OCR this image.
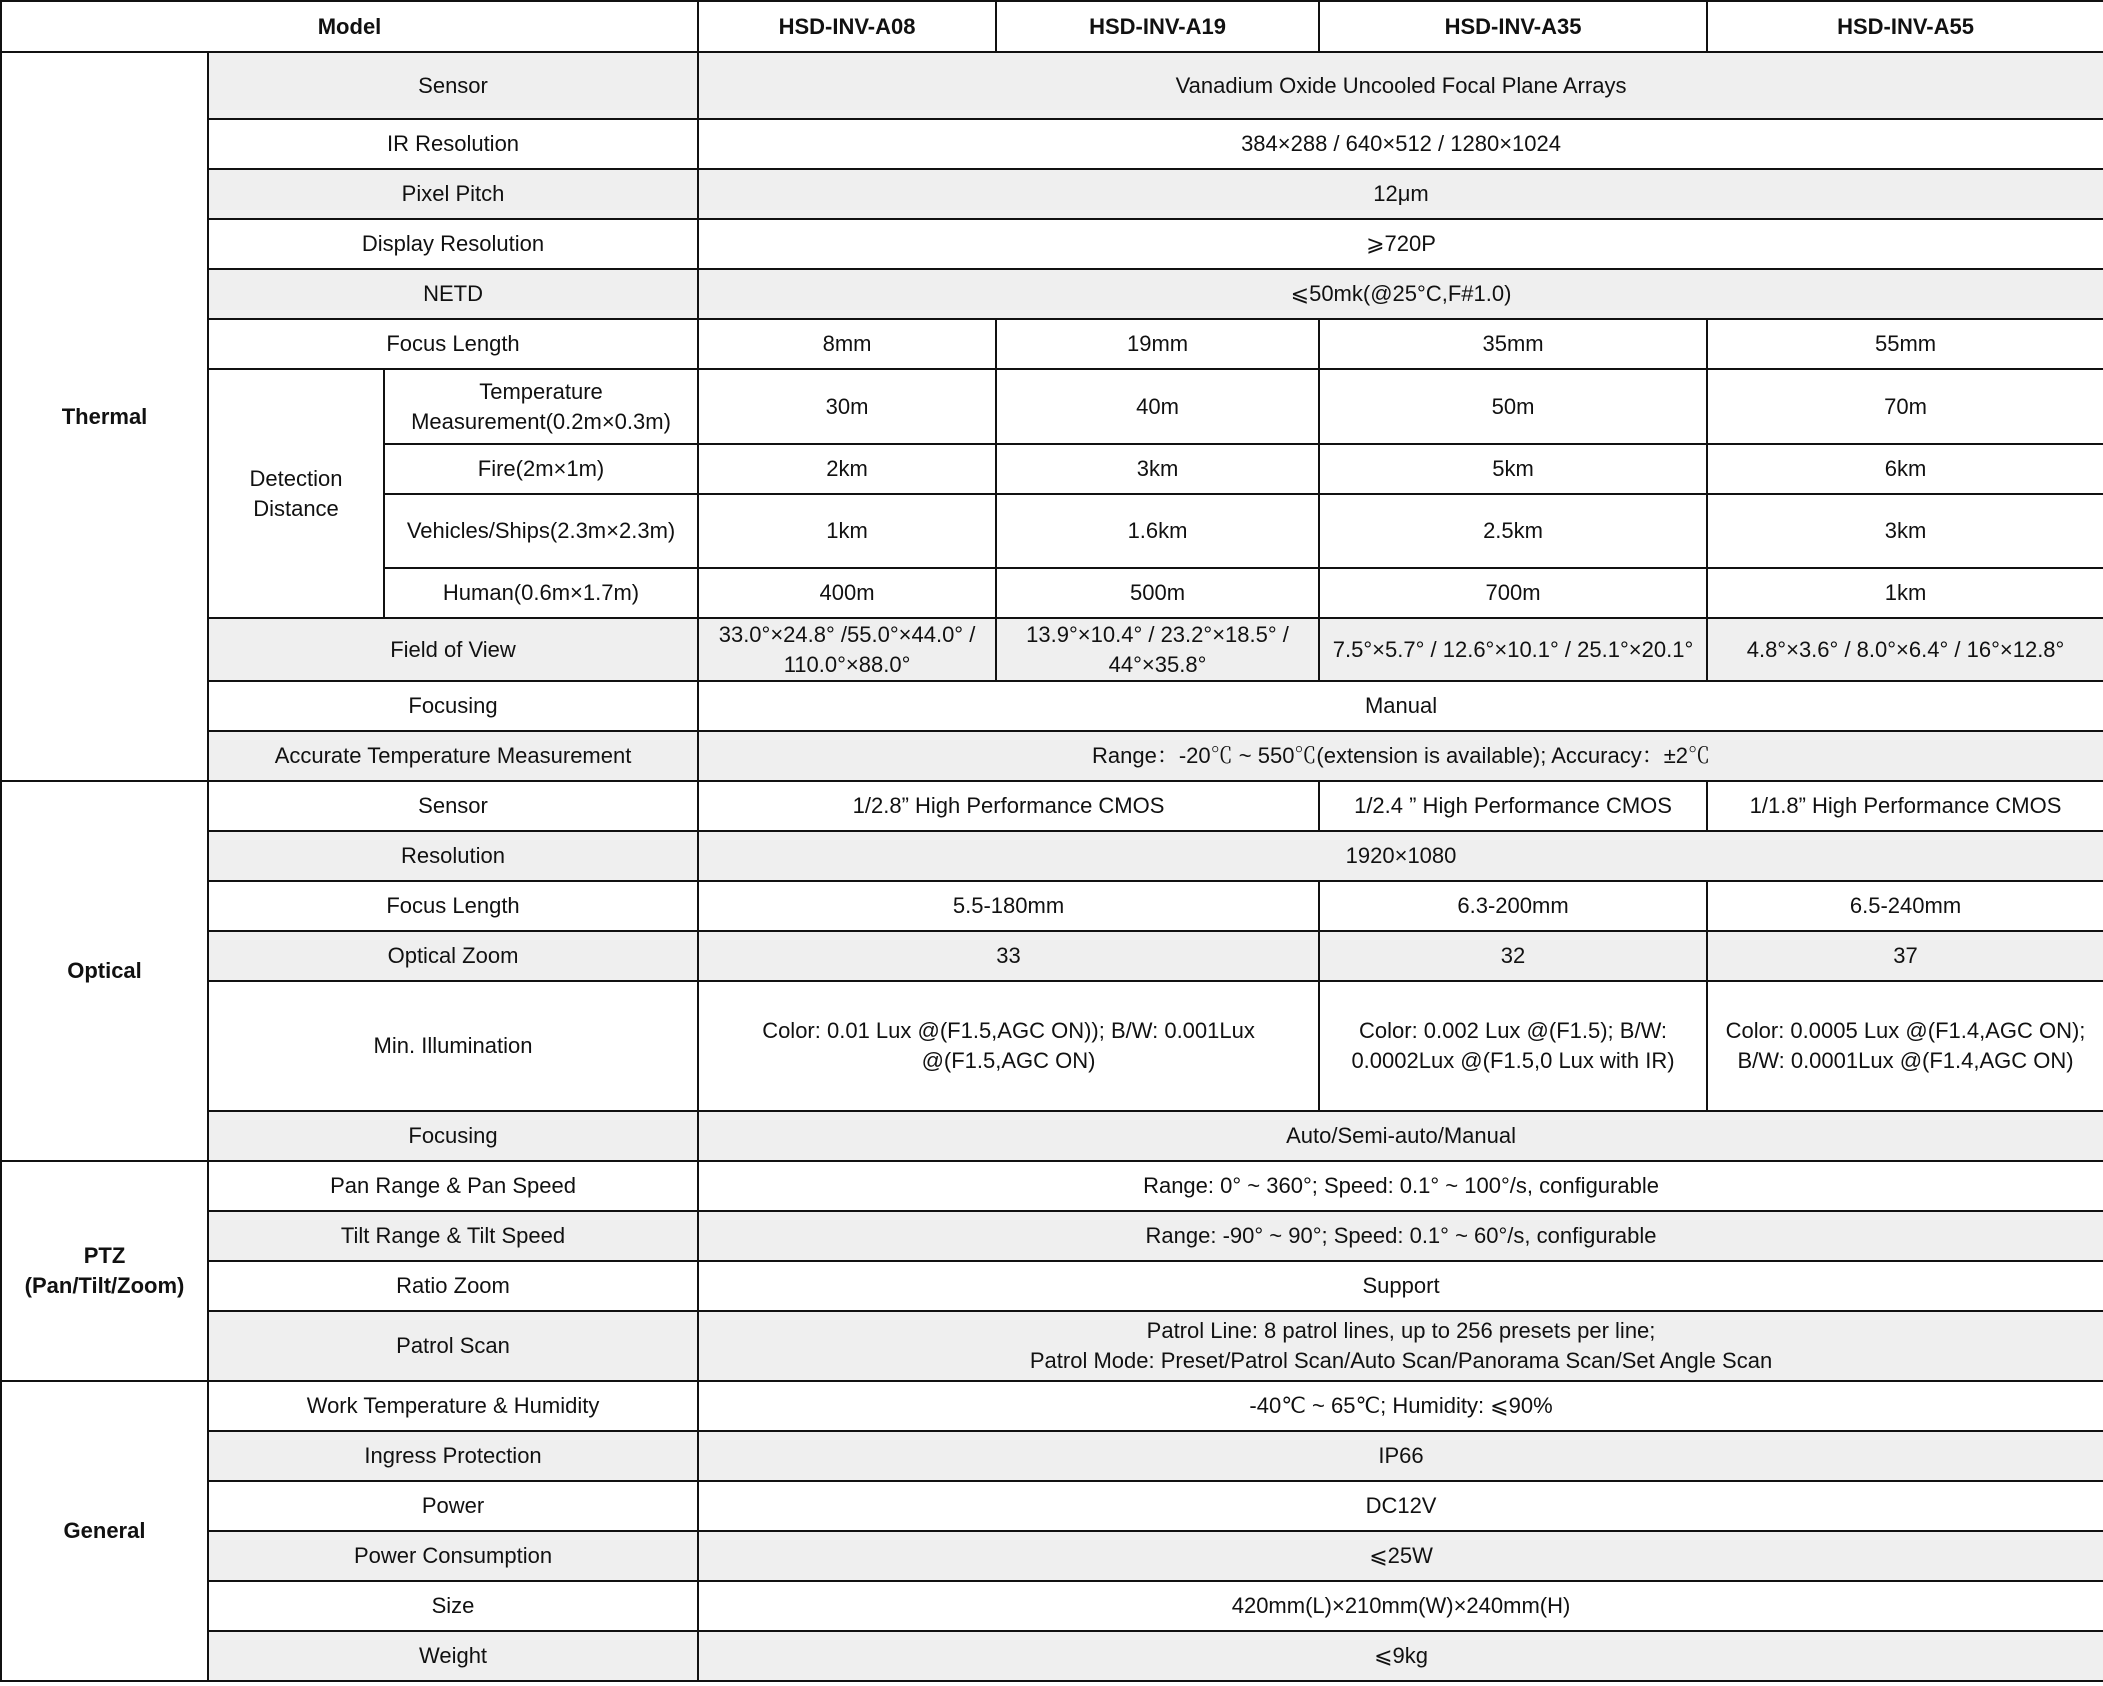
Model			HSD-INV-A08	HSD-INV-A19	HSD-INV-A35	HSD-INV-A55
Thermal	Sensor		Vanadium Oxide Uncooled Focal Plane Arrays			
	IR Resolution		384×288 / 640×512 / 1280×1024			
	Pixel Pitch		12μm			
	Display Resolution		⩾720P			
	NETD		⩽50mk(@25°C,F#1.0)			
	Focus Length		8mm	19mm	35mm	55mm
	Detection Distance	Temperature Measurement(0.2m×0.3m)	30m	40m	50m	70m
		Fire(2m×1m)	2km	3km	5km	6km
		Vehicles/Ships(2.3m×2.3m)	1km	1.6km	2.5km	3km
		Human(0.6m×1.7m)	400m	500m	700m	1km
	Field of View		33.0°×24.8° /55.0°×44.0° / 110.0°×88.0°	13.9°×10.4° / 23.2°×18.5° / 44°×35.8°	7.5°×5.7° / 12.6°×10.1° / 25.1°×20.1°	4.8°×3.6° / 8.0°×6.4° / 16°×12.8°
	Focusing		Manual			
	Accurate Temperature Measurement		Range：-20℃ ~ 550℃(extension is available); Accuracy：±2℃			
Optical	Sensor		1/2.8” High Performance CMOS		1/2.4 ” High Performance CMOS	1/1.8” High Performance CMOS
	Resolution		1920×1080			
	Focus Length		5.5-180mm		6.3-200mm	6.5-240mm
	Optical Zoom		33		32	37
	Min. Illumination		Color: 0.01 Lux @(F1.5,AGC ON)); B/W: 0.001Lux @(F1.5,AGC ON)		Color: 0.002 Lux @(F1.5); B/W: 0.0002Lux @(F1.5,0 Lux with IR)	Color: 0.0005 Lux @(F1.4,AGC ON); B/W: 0.0001Lux @(F1.4,AGC ON)
	Focusing		Auto/Semi-auto/Manual			
PTZ
(Pan/Tilt/Zoom)	Pan Range & Pan Speed		Range: 0° ~ 360°; Speed: 0.1° ~ 100°/s, configurable			
	Tilt Range & Tilt Speed		Range: -90° ~ 90°; Speed: 0.1° ~ 60°/s, configurable			
	Ratio Zoom		Support			
	Patrol Scan		Patrol Line: 8 patrol lines, up to 256 presets per line;
Patrol Mode: Preset/Patrol Scan/Auto Scan/Panorama Scan/Set Angle Scan			
General	Work Temperature & Humidity		-40℃ ~ 65℃; Humidity: ⩽90%			
	Ingress Protection		IP66			
	Power		DC12V			
	Power Consumption		⩽25W			
	Size		420mm(L)×210mm(W)×240mm(H)			
	Weight		⩽9kg			
